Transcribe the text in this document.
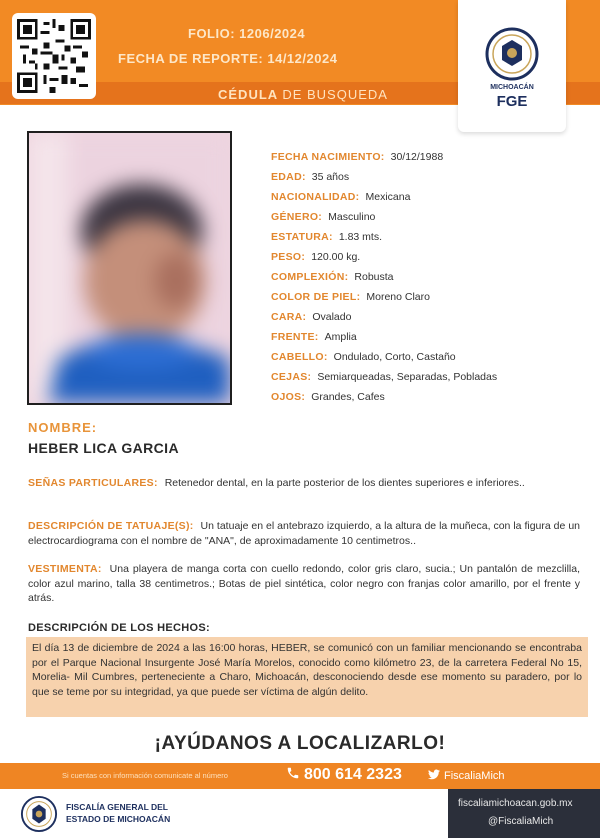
FOLIO: 1206/2024
FECHA DE REPORTE: 14/12/2024
CÉDULA DE BUSQUEDA	MICHOACÁN
FGE
FECHA NACIMIENTO: 30/12/1988
EDAD: 35 años
NACIONALIDAD: Mexicana
GÉNERO: Masculino
ESTATURA: 1.83 mts.
PESO: 120.00 kg.
COMPLEXIÓN: Robusta
COLOR DE PIEL: Moreno Claro
CARA: Ovalado
FRENTE: Amplia
CABELLO: Ondulado, Corto, Castaño
CEJAS: Semiarqueadas, Separadas, Pobladas
OJOS: Grandes, Cafes
NOMBRE:
HEBER LICA GARCIA
SEÑAS PARTICULARES: Retenedor dental, en la parte posterior de los dientes superiores e inferiores..
DESCRIPCIÓN DE TATUAJE(S): Un tatuaje en el antebrazo izquierdo, a la altura de la muñeca, con la figura de un electrocardiograma con el nombre de "ANA", de aproximadamente 10 centimetros..
VESTIMENTA: Una playera de manga corta con cuello redondo, color gris claro, sucia.; Un pantalón de mezclilla, color azul marino, talla 38 centimetros.; Botas de piel sintética, color negro con franjas color amarillo, por el frente y atrás.
DESCRIPCIÓN DE LOS HECHOS:
El día 13 de diciembre de 2024 a las 16:00 horas, HEBER, se comunicó con un familiar mencionando se encontraba por el Parque Nacional Insurgente José María Morelos, conocido como kilómetro 23, de la carretera Federal No 15, Morelia- Mil Cumbres, perteneciente a Charo, Michoacán, desconociendo desde ese momento su paradero, por lo que se teme por su integridad, ya que puede ser víctima de algún delito.
¡AYÚDANOS A LOCALIZARLO!
Si cuentas con información comunicate al número	800 614 2323	FiscaliaMich
FISCALÍA GENERAL DEL
ESTADO DE MICHOACÁN
fiscaliamichoacan.gob.mx
@FiscaliaMich
